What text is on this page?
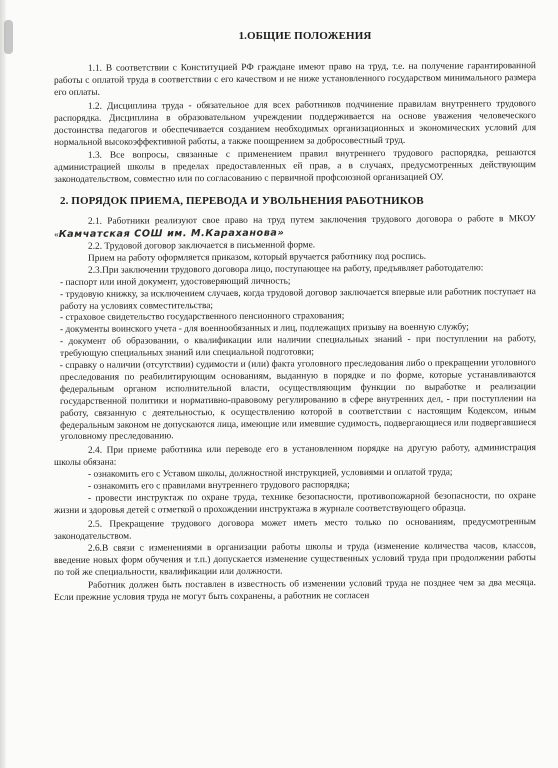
1.ОБЩИЕ ПОЛОЖЕНИЯ

1.1. В соответствии с Конституцией РФ граждане имеют право на труд, т.е. на получение гарантированной работы с оплатой труда в соответствии с его качеством и не ниже установленного государством минимального размера его оплаты.

1.2. Дисциплина труда - обязательное для всех работников подчинение правилам внутреннего трудового распорядка. Дисциплина в образовательном учреждении поддерживается на основе уважения человеческого достоинства педагогов и обеспечивается созданием необходимых организационных и экономических условий для нормальной высокоэффективной работы, а также поощрением за добросовестный труд.

1.3. Все вопросы, связанные с применением правил внутреннего трудового распорядка, решаются администрацией школы в пределах предоставленных ей прав, а в случаях, предусмотренных действующим законодательством, совместно или по согласованию с первичной профсоюзной организацией ОУ.

2. ПОРЯДОК ПРИЕМА, ПЕРЕВОДА И УВОЛЬНЕНИЯ РАБОТНИКОВ

2.1. Работники реализуют свое право на труд путем заключения трудового договора о работе в МКОУ «Камчатская СОШ им. М.Караханова»

2.2. Трудовой договор заключается в письменной форме.

Прием на работу оформляется приказом, который вручается работнику под роспись.

2.3.При заключении трудового договора лицо, поступающее на работу, предъявляет работодателю:

- паспорт или иной документ, удостоверяющий личность;

- трудовую книжку, за исключением случаев, когда трудовой договор заключается впервые или работник поступает на работу на условиях совместительства;

- страховое свидетельство государственного пенсионного страхования;

- документы воинского учета - для военнообязанных и лиц, подлежащих призыву на военную службу;

- документ об образовании, о квалификации или наличии специальных знаний - при поступлении на работу, требующую специальных знаний или специальной подготовки;

- справку о наличии (отсутствии) судимости и (или) факта уголовного преследования либо о прекращении уголовного преследования по реабилитирующим основаниям, выданную в порядке и по форме, которые устанавливаются федеральным органом исполнительной власти, осуществляющим функции по выработке и реализации государственной политики и нормативно-правовому регулированию в сфере внутренних дел, - при поступлении на работу, связанную с деятельностью, к осуществлению которой в соответствии с настоящим Кодексом, иным федеральным законом не допускаются лица, имеющие или имевшие судимость, подвергающиеся или подвергавшиеся уголовному преследованию.

2.4. При приеме работника или переводе его в установленном порядке на другую работу, администрация школы обязана:

- ознакомить его с Уставом школы, должностной инструкцией, условиями и оплатой труда;

- ознакомить его с правилами внутреннего трудового распорядка;

- провести инструктаж по охране труда, технике безопасности, противопожарной безопасности, по охране жизни и здоровья детей с отметкой о прохождении инструктажа в журнале соответствующего образца.

2.5. Прекращение трудового договора может иметь место только по основаниям, предусмотренным законодательством.

2.6.В связи с изменениями в организации работы школы и труда (изменение количества часов, классов, введение новых форм обучения и т.п.) допускается изменение существенных условий труда при продолжении работы по той же специальности, квалификации или должности.

Работник должен быть поставлен в известность об изменении условий труда не позднее чем за два месяца. Если прежние условия труда не могут быть сохранены, а работник не согласен
